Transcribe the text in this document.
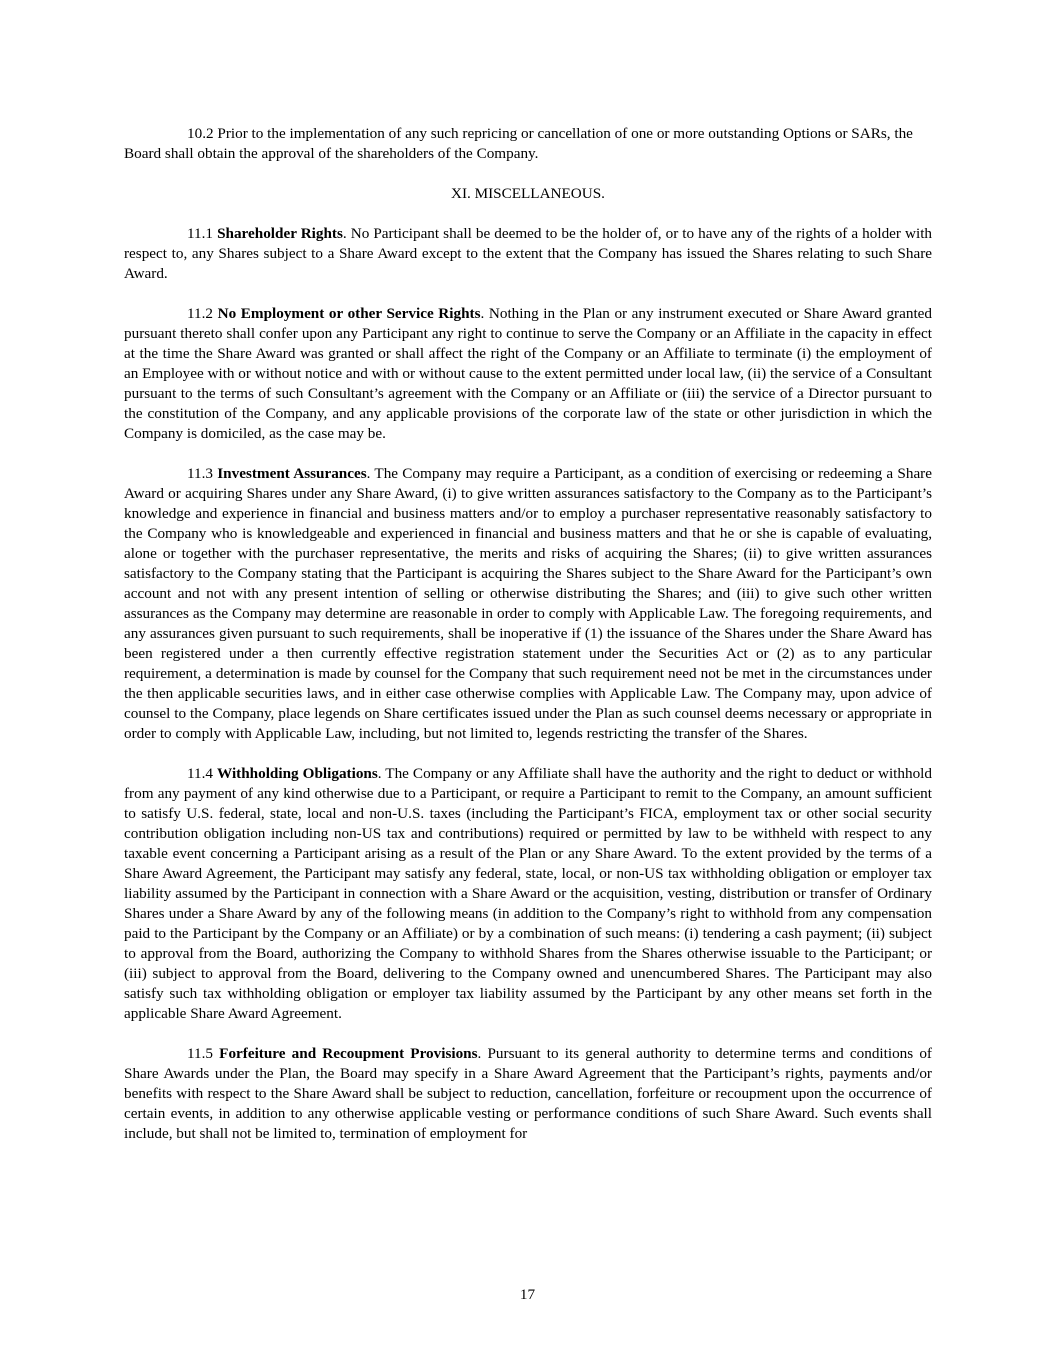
10.2 Prior to the implementation of any such repricing or cancellation of one or more outstanding Options or SARs, the Board shall obtain the approval of the shareholders of the Company.

XI. MISCELLANEOUS.

11.1 Shareholder Rights. No Participant shall be deemed to be the holder of, or to have any of the rights of a holder with respect to, any Shares subject to a Share Award except to the extent that the Company has issued the Shares relating to such Share Award.

11.2 No Employment or other Service Rights. Nothing in the Plan or any instrument executed or Share Award granted pursuant thereto shall confer upon any Participant any right to continue to serve the Company or an Affiliate in the capacity in effect at the time the Share Award was granted or shall affect the right of the Company or an Affiliate to terminate (i) the employment of an Employee with or without notice and with or without cause to the extent permitted under local law, (ii) the service of a Consultant pursuant to the terms of such Consultant’s agreement with the Company or an Affiliate or (iii) the service of a Director pursuant to the constitution of the Company, and any applicable provisions of the corporate law of the state or other jurisdiction in which the Company is domiciled, as the case may be.

11.3 Investment Assurances. The Company may require a Participant, as a condition of exercising or redeeming a Share Award or acquiring Shares under any Share Award, (i) to give written assurances satisfactory to the Company as to the Participant’s knowledge and experience in financial and business matters and/or to employ a purchaser representative reasonably satisfactory to the Company who is knowledgeable and experienced in financial and business matters and that he or she is capable of evaluating, alone or together with the purchaser representative, the merits and risks of acquiring the Shares; (ii) to give written assurances satisfactory to the Company stating that the Participant is acquiring the Shares subject to the Share Award for the Participant’s own account and not with any present intention of selling or otherwise distributing the Shares; and (iii) to give such other written assurances as the Company may determine are reasonable in order to comply with Applicable Law. The foregoing requirements, and any assurances given pursuant to such requirements, shall be inoperative if (1) the issuance of the Shares under the Share Award has been registered under a then currently effective registration statement under the Securities Act or (2) as to any particular requirement, a determination is made by counsel for the Company that such requirement need not be met in the circumstances under the then applicable securities laws, and in either case otherwise complies with Applicable Law. The Company may, upon advice of counsel to the Company, place legends on Share certificates issued under the Plan as such counsel deems necessary or appropriate in order to comply with Applicable Law, including, but not limited to, legends restricting the transfer of the Shares.

11.4 Withholding Obligations. The Company or any Affiliate shall have the authority and the right to deduct or withhold from any payment of any kind otherwise due to a Participant, or require a Participant to remit to the Company, an amount sufficient to satisfy U.S. federal, state, local and non-U.S. taxes (including the Participant’s FICA, employment tax or other social security contribution obligation including non-US tax and contributions) required or permitted by law to be withheld with respect to any taxable event concerning a Participant arising as a result of the Plan or any Share Award. To the extent provided by the terms of a Share Award Agreement, the Participant may satisfy any federal, state, local, or non-US tax withholding obligation or employer tax liability assumed by the Participant in connection with a Share Award or the acquisition, vesting, distribution or transfer of Ordinary Shares under a Share Award by any of the following means (in addition to the Company’s right to withhold from any compensation paid to the Participant by the Company or an Affiliate) or by a combination of such means: (i) tendering a cash payment; (ii) subject to approval from the Board, authorizing the Company to withhold Shares from the Shares otherwise issuable to the Participant; or (iii) subject to approval from the Board, delivering to the Company owned and unencumbered Shares. The Participant may also satisfy such tax withholding obligation or employer tax liability assumed by the Participant by any other means set forth in the applicable Share Award Agreement.

11.5 Forfeiture and Recoupment Provisions. Pursuant to its general authority to determine terms and conditions of Share Awards under the Plan, the Board may specify in a Share Award Agreement that the Participant’s rights, payments and/or benefits with respect to the Share Award shall be subject to reduction, cancellation, forfeiture or recoupment upon the occurrence of certain events, in addition to any otherwise applicable vesting or performance conditions of such Share Award. Such events shall include, but shall not be limited to, termination of employment for

17
